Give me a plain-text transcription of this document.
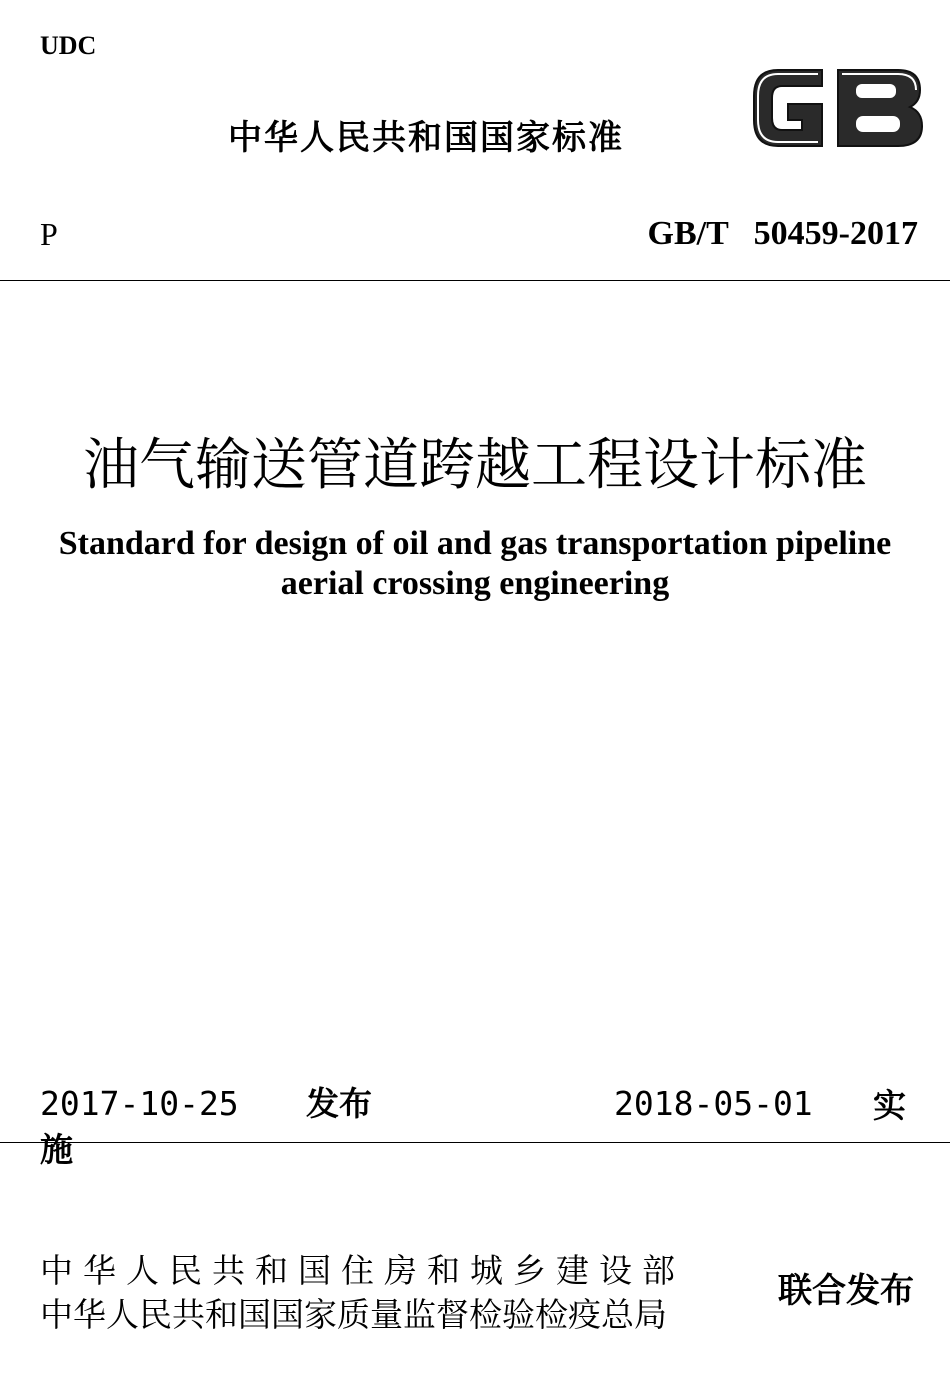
UDC
中华人民共和国国家标准
P	GB/T   50459-2017
油气输送管道跨越工程设计标准
Standard for design of oil and gas transportation pipeline aerial crossing engineering
2017-10-25 发布	2018-05-01 实
施
中华人民共和国住房和城乡建设部
中华人民共和国国家质量监督检验检疫总局
联合发布
